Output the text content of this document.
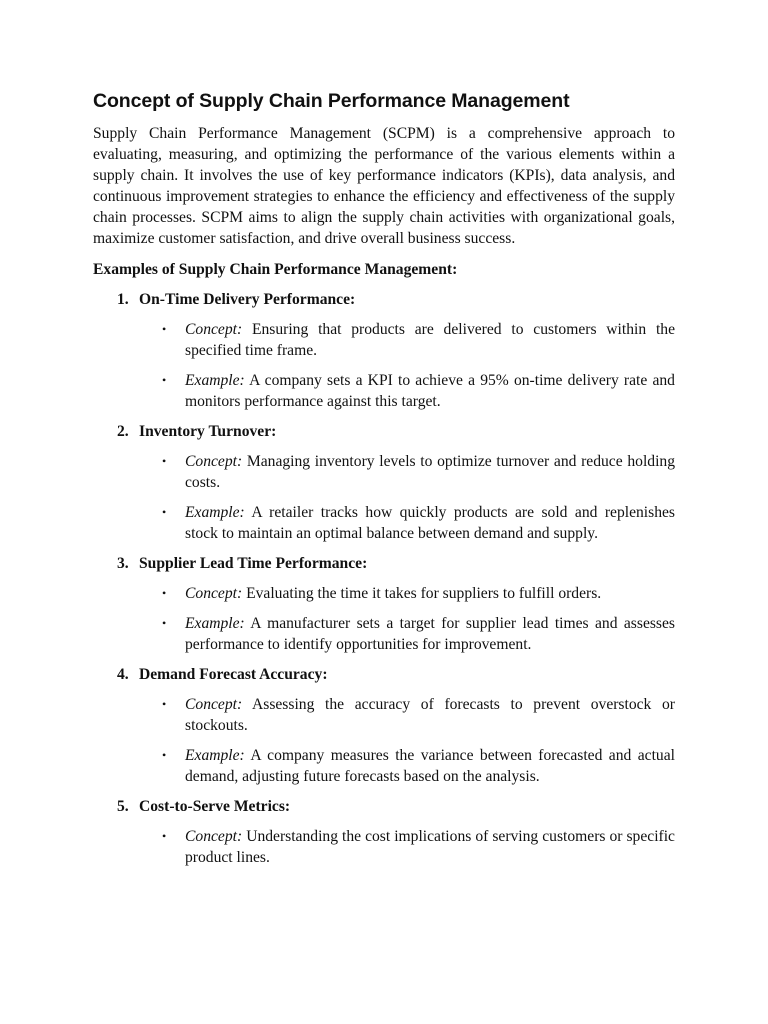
Concept of Supply Chain Performance Management

Supply Chain Performance Management (SCPM) is a comprehensive approach to evaluating, measuring, and optimizing the performance of the various elements within a supply chain. It involves the use of key performance indicators (KPIs), data analysis, and continuous improvement strategies to enhance the efficiency and effectiveness of the supply chain processes. SCPM aims to align the supply chain activities with organizational goals, maximize customer satisfaction, and drive overall business success.

Examples of Supply Chain Performance Management:
1. On-Time Delivery Performance:
• Concept: Ensuring that products are delivered to customers within the specified time frame.
• Example: A company sets a KPI to achieve a 95% on-time delivery rate and monitors performance against this target.
2. Inventory Turnover:
• Concept: Managing inventory levels to optimize turnover and reduce holding costs.
• Example: A retailer tracks how quickly products are sold and replenishes stock to maintain an optimal balance between demand and supply.
3. Supplier Lead Time Performance:
• Concept: Evaluating the time it takes for suppliers to fulfill orders.
• Example: A manufacturer sets a target for supplier lead times and assesses performance to identify opportunities for improvement.
4. Demand Forecast Accuracy:
• Concept: Assessing the accuracy of forecasts to prevent overstock or stockouts.
• Example: A company measures the variance between forecasted and actual demand, adjusting future forecasts based on the analysis.
5. Cost-to-Serve Metrics:
• Concept: Understanding the cost implications of serving customers or specific product lines.
